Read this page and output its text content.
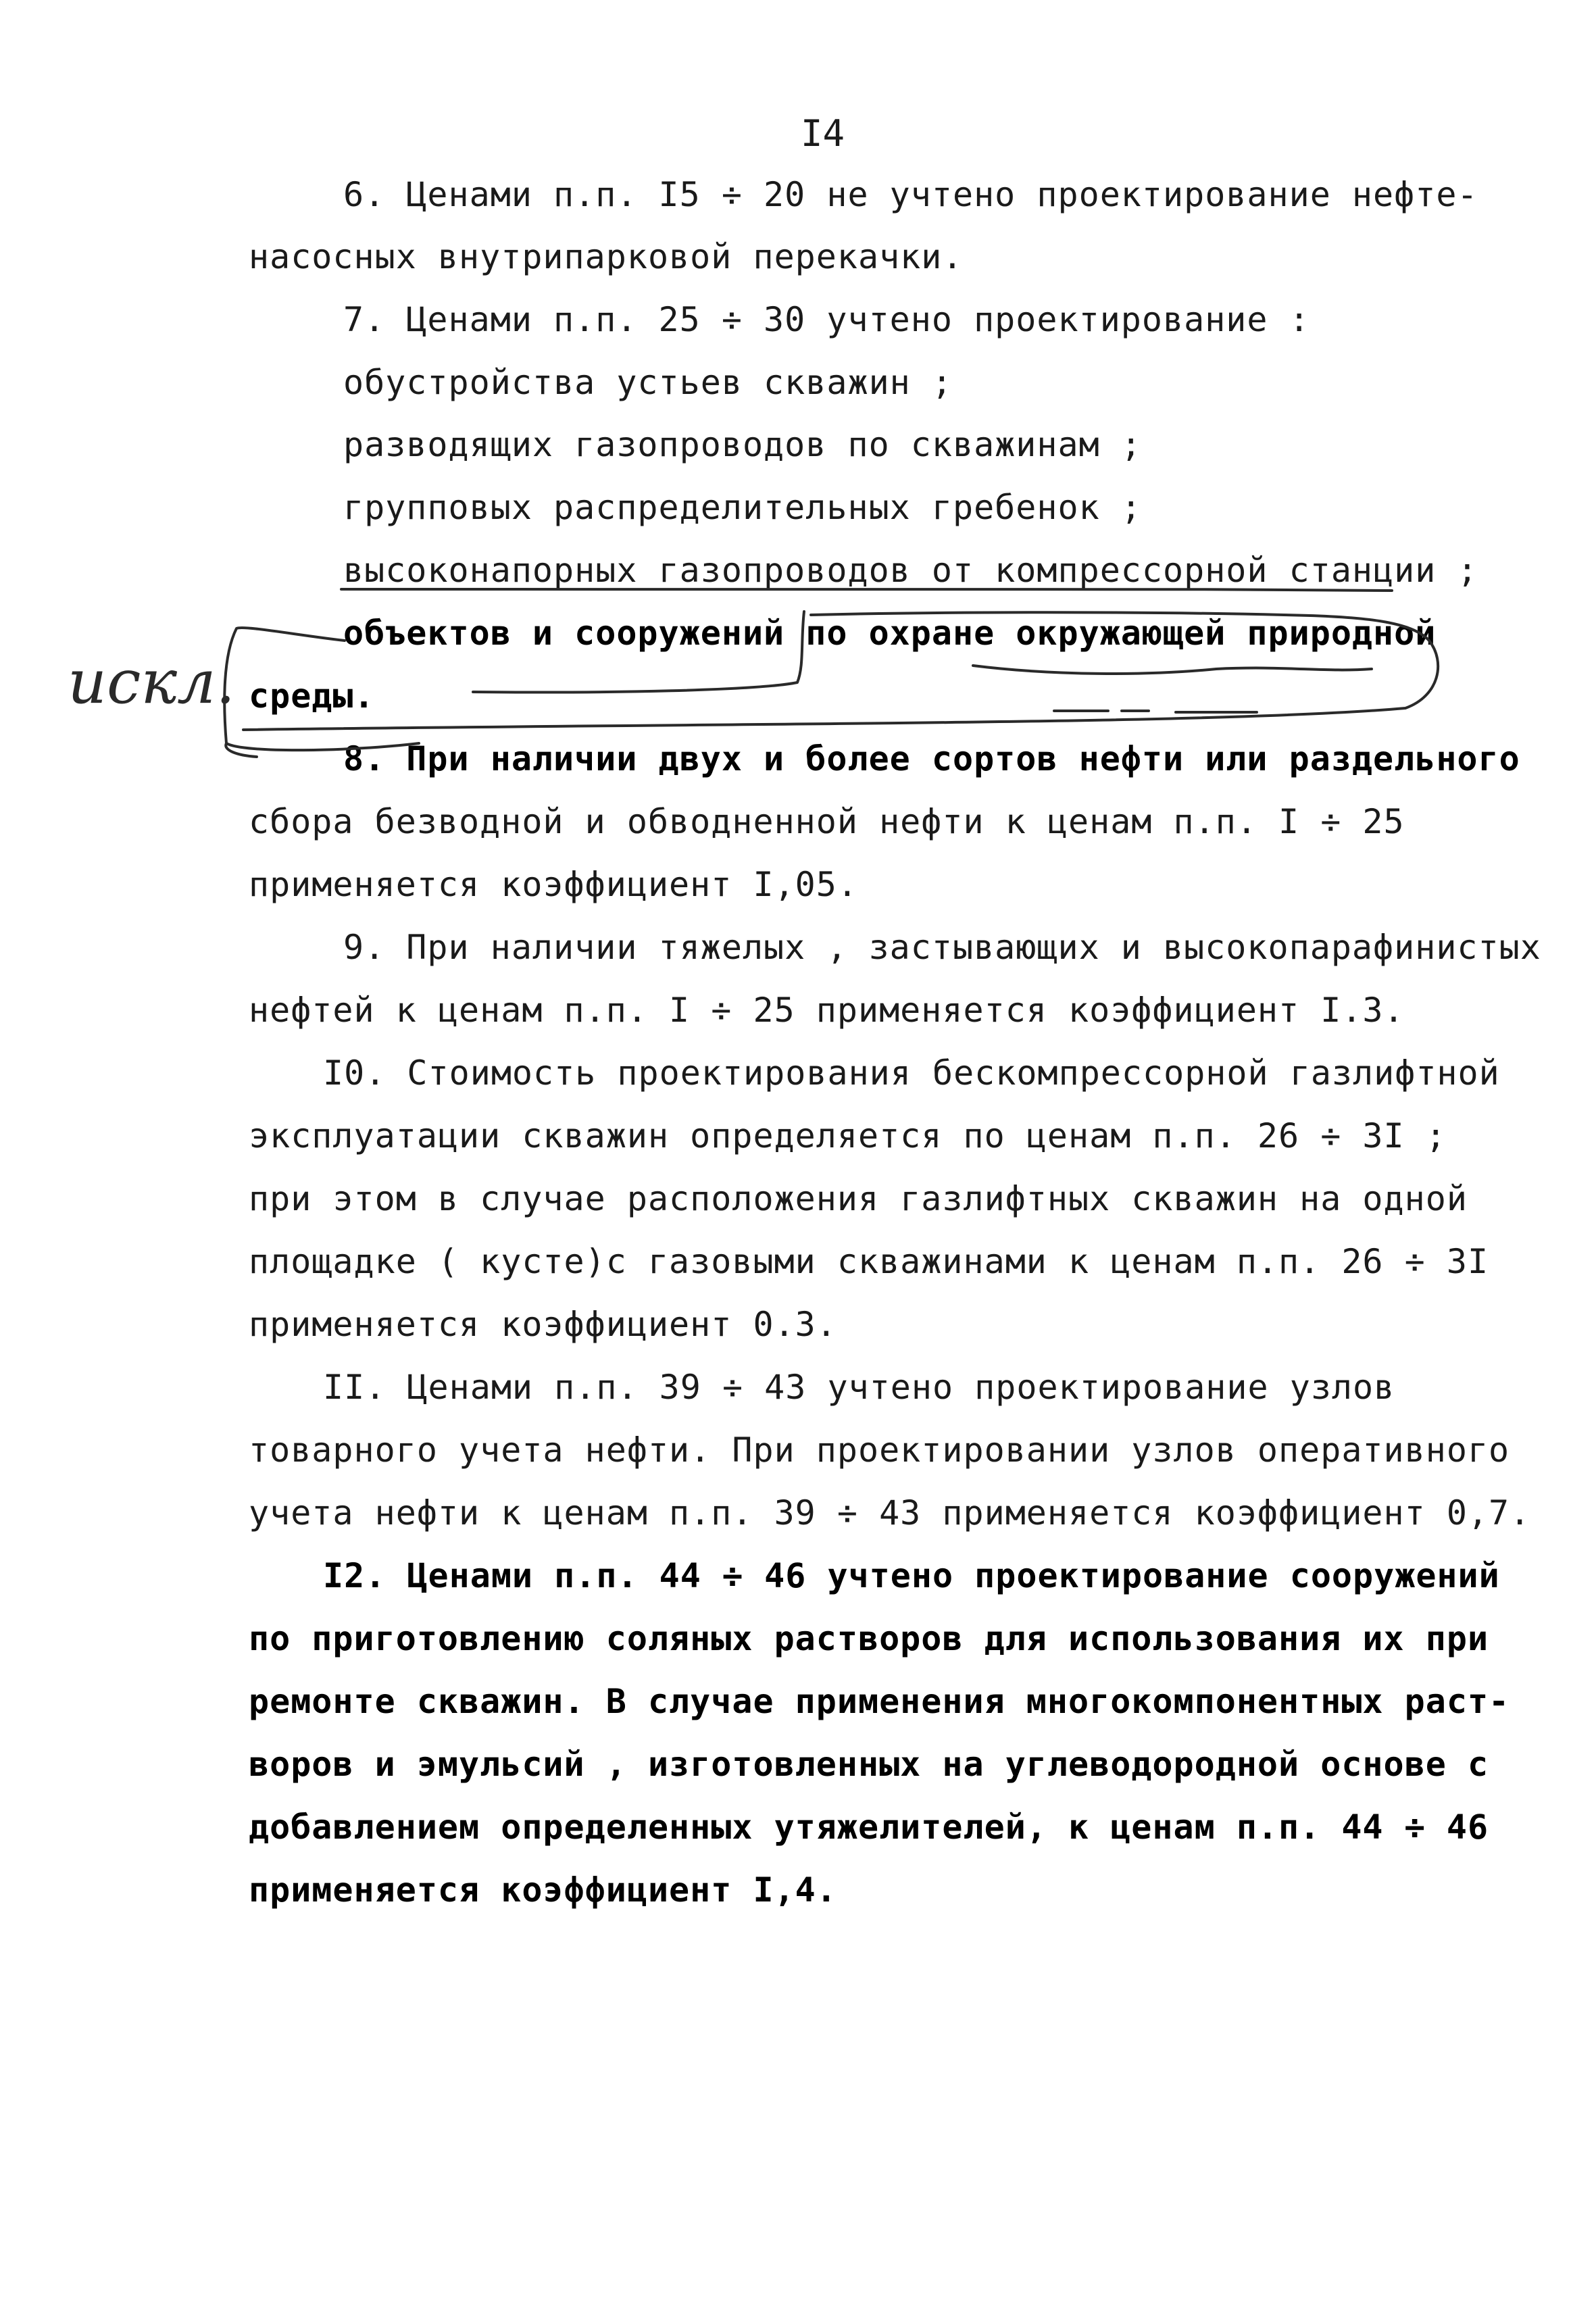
I4
6. Ценами п.п. I5 ÷ 20 не учтено проектирование нефте-
насосных внутрипарковой перекачки.
7. Ценами п.п. 25 ÷ 30 учтено проектирование :
обустройства устьев скважин ;
разводящих газопроводов по скважинам ;
групповых распределительных гребенок ;
высоконапорных газопроводов от компрессорной станции ;
объектов и сооружений по охране окружающей природной
среды.
8. При наличии двух и более сортов нефти или раздельного
сбора безводной и обводненной нефти к ценам п.п. I ÷ 25
применяется коэффициент I,05.
9. При наличии тяжелых , застывающих и высокопарафинистых
нефтей к ценам п.п. I ÷ 25 применяется коэффициент I.3.
I0. Стоимость проектирования бескомпрессорной газлифтной
эксплуатации скважин определяется по ценам п.п. 26 ÷ 3I ;
при этом в случае расположения газлифтных скважин на одной
площадке ( кусте)с газовыми скважинами к ценам п.п. 26 ÷ 3I
применяется коэффициент 0.3.
II. Ценами п.п. 39 ÷ 43 учтено проектирование узлов
товарного учета нефти. При проектировании узлов оперативного
учета нефти к ценам п.п. 39 ÷ 43 применяется коэффициент 0,7.
I2. Ценами п.п. 44 ÷ 46 учтено проектирование сооружений
по приготовлению соляных растворов для использования их при
ремонте скважин. В случае применения многокомпонентных раст-
воров и эмульсий , изготовленных на углеводородной основе с
добавлением определенных утяжелителей, к ценам п.п. 44 ÷ 46
применяется коэффициент I,4.
искл.
